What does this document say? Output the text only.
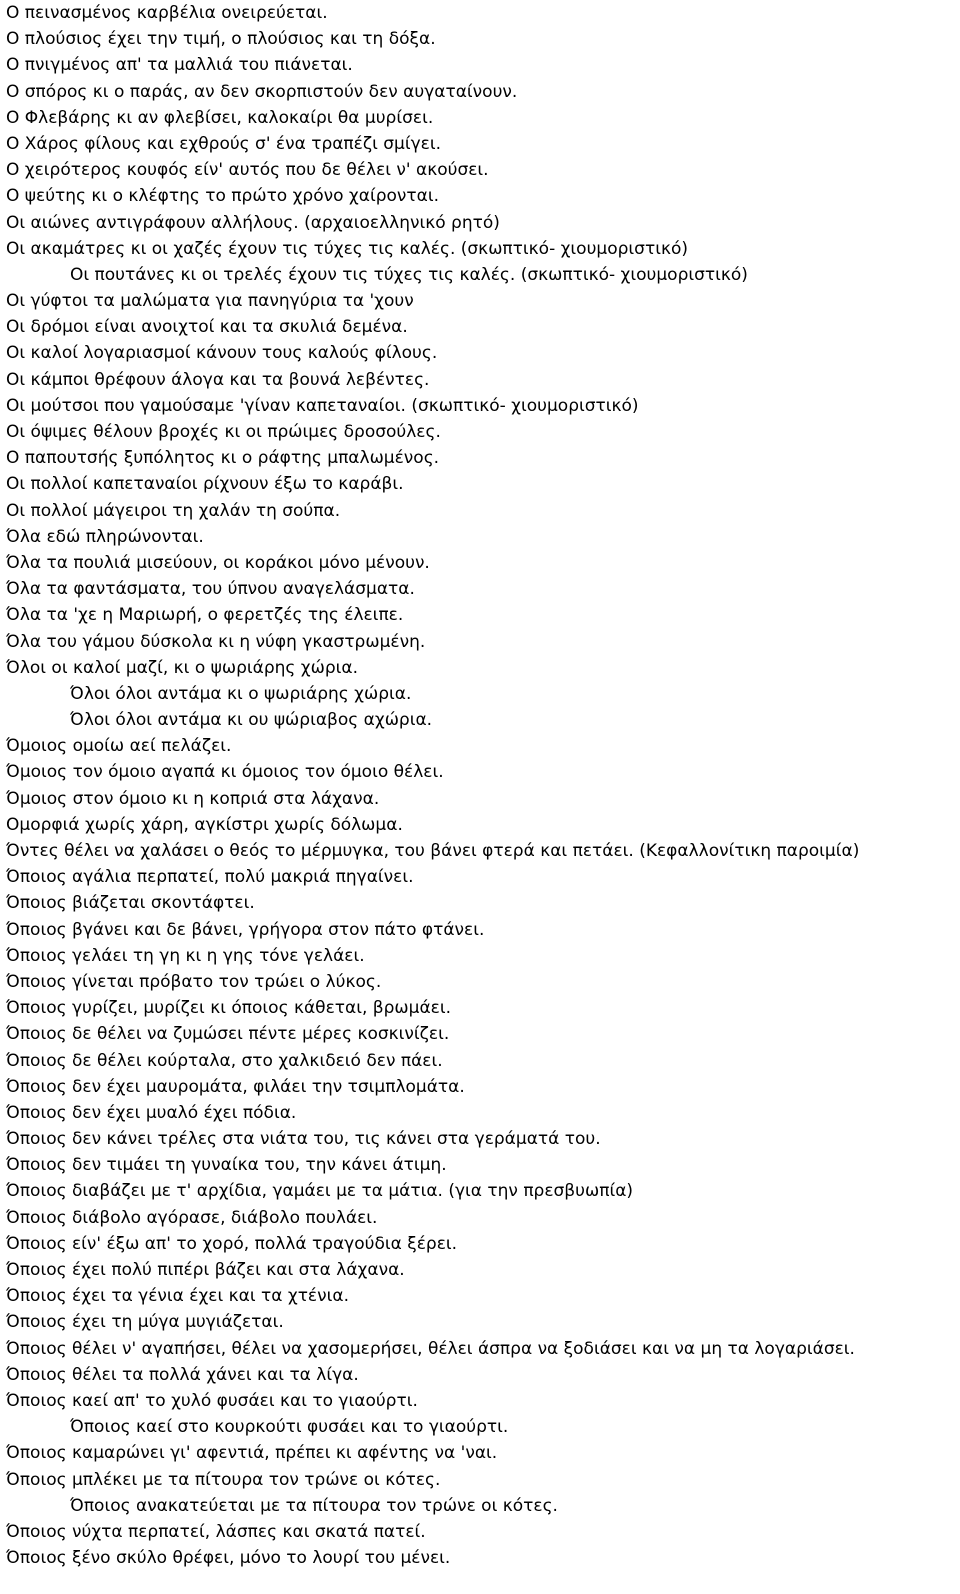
Ο πεινασμένος καρβέλια ονειρεύεται.
Ο πλούσιος έχει την τιμή, ο πλούσιος και τη δόξα.
Ο πνιγμένος απ' τα μαλλιά του πιάνεται.
Ο σπόρος κι ο παράς, αν δεν σκορπιστούν δεν αυγαταίνουν.
Ο Φλεβάρης κι αν φλεβίσει, καλοκαίρι θα μυρίσει.
Ο Χάρος φίλους και εχθρούς σ' ένα τραπέζι σμίγει.
Ο χειρότερος κουφός είν' αυτός που δε θέλει ν' ακούσει.
Ο ψεύτης κι ο κλέφτης το πρώτο χρόνο χαίρονται.
Οι αιώνες αντιγράφουν αλλήλους. (αρχαιοελληνικό ρητό)
Οι ακαμάτρες κι οι χαζές έχουν τις τύχες τις καλές. (σκωπτικό- χιουμοριστικό)
Οι πουτάνες κι οι τρελές έχουν τις τύχες τις καλές. (σκωπτικό- χιουμοριστικό)
Οι γύφτοι τα μαλώματα για πανηγύρια τα 'χουν
Οι δρόμοι είναι ανοιχτοί και τα σκυλιά δεμένα.
Οι καλοί λογαριασμοί κάνουν τους καλούς φίλους.
Οι κάμποι θρέφουν άλογα και τα βουνά λεβέντες.
Οι μούτσοι που γαμούσαμε 'γίναν καπεταναίοι. (σκωπτικό- χιουμοριστικό)
Οι όψιμες θέλουν βροχές κι οι πρώιμες δροσούλες.
Ο παπουτσής ξυπόλητος κι ο ράφτης μπαλωμένος.
Οι πολλοί καπεταναίοι ρίχνουν έξω το καράβι.
Οι πολλοί μάγειροι τη χαλάν τη σούπα.
Όλα εδώ πληρώνονται.
Όλα τα πουλιά μισεύουν, οι κοράκοι μόνο μένουν.
Όλα τα φαντάσματα, του ύπνου αναγελάσματα.
Όλα τα 'χε η Μαριωρή, ο φερετζές της έλειπε.
Όλα του γάμου δύσκολα κι η νύφη γκαστρωμένη.
Όλοι οι καλοί μαζί, κι ο ψωριάρης χώρια.
Όλοι όλοι αντάμα κι ο ψωριάρης χώρια.
Όλοι όλοι αντάμα κι ου ψώριαβος αχώρια.
Όμοιος ομοίω αεί πελάζει.
Όμοιος τον όμοιο αγαπά κι όμοιος τον όμοιο θέλει.
Όμοιος στον όμοιο κι η κοπριά στα λάχανα.
Ομορφιά χωρίς χάρη, αγκίστρι χωρίς δόλωμα.
Όντες θέλει να χαλάσει ο θεός το μέρμυγκα, του βάνει φτερά και πετάει. (Κεφαλλονίτικη παροιμία)
Όποιος αγάλια περπατεί, πολύ μακριά πηγαίνει.
Όποιος βιάζεται σκοντάφτει.
Όποιος βγάνει και δε βάνει, γρήγορα στον πάτο φτάνει.
Όποιος γελάει τη γη κι η γης τόνε γελάει.
Όποιος γίνεται πρόβατο τον τρώει ο λύκος.
Όποιος γυρίζει, μυρίζει κι όποιος κάθεται, βρωμάει.
Όποιος δε θέλει να ζυμώσει πέντε μέρες κοσκινίζει.
Όποιος δε θέλει κούρταλα, στο χαλκιδειό δεν πάει.
Όποιος δεν έχει μαυρομάτα, φιλάει την τσιμπλομάτα.
Όποιος δεν έχει μυαλό έχει πόδια.
Όποιος δεν κάνει τρέλες στα νιάτα του, τις κάνει στα γεράματά του.
Όποιος δεν τιμάει τη γυναίκα του, την κάνει άτιμη.
Όποιος διαβάζει με τ' αρχίδια, γαμάει με τα μάτια. (για την πρεσβυωπία)
Όποιος διάβολο αγόρασε, διάβολο πουλάει.
Όποιος είν' έξω απ' το χορό, πολλά τραγούδια ξέρει.
Όποιος έχει πολύ πιπέρι βάζει και στα λάχανα.
Όποιος έχει τα γένια έχει και τα χτένια.
Όποιος έχει τη μύγα μυγιάζεται.
Όποιος θέλει ν' αγαπήσει, θέλει να χασομερήσει, θέλει άσπρα να ξοδιάσει και να μη τα λογαριάσει.
Όποιος θέλει τα πολλά χάνει και τα λίγα.
Όποιος καεί απ' το χυλό φυσάει και το γιαούρτι.
Όποιος καεί στο κουρκούτι φυσάει και το γιαούρτι.
Όποιος καμαρώνει γι' αφεντιά, πρέπει κι αφέντης να 'ναι.
Όποιος μπλέκει με τα πίτουρα τον τρώνε οι κότες.
Όποιος ανακατεύεται με τα πίτουρα τον τρώνε οι κότες.
Όποιος νύχτα περπατεί, λάσπες και σκατά πατεί.
Όποιος ξένο σκύλο θρέφει, μόνο το λουρί του μένει.
